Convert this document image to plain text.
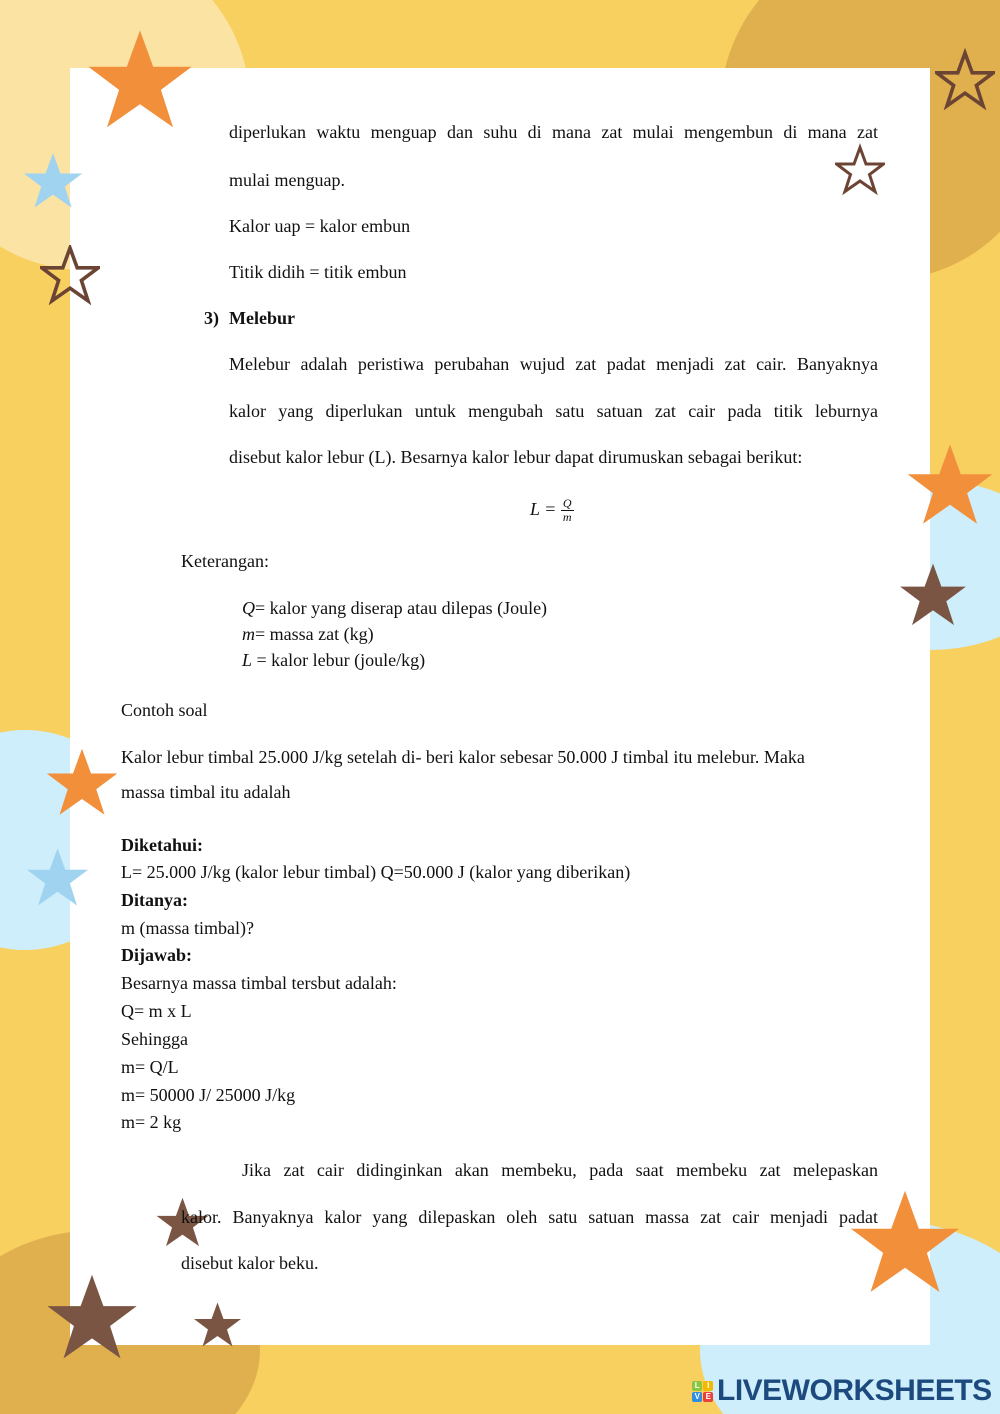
diperlukan waktu menguap dan suhu di mana zat mulai mengembun di mana zat
mulai menguap.
Kalor uap = kalor embun
Titik didih = titik embun
3) Melebur
Melebur adalah peristiwa perubahan wujud zat padat menjadi zat cair. Banyaknya
kalor yang diperlukan untuk mengubah satu satuan zat cair pada titik leburnya
disebut kalor lebur (L). Besarnya kalor lebur dapat dirumuskan sebagai berikut:
$L = \frac{Q}{m}$
Keterangan:
Q= kalor yang diserap atau dilepas (Joule)
m= massa zat (kg)
L = kalor lebur (joule/kg)
Contoh soal
Kalor lebur timbal 25.000 J/kg setelah di- beri kalor sebesar 50.000 J timbal itu melebur. Maka
massa timbal itu adalah
Diketahui:
L= 25.000 J/kg (kalor lebur timbal) Q=50.000 J (kalor yang diberikan)
Ditanya:
m (massa timbal)?
Dijawab:
Besarnya massa timbal tersbut adalah:
Q= m x L
Sehingga
m= Q/L
m= 50000 J/ 25000 J/kg
m= 2 kg
Jika zat cair didinginkan akan membeku, pada saat membeku zat melepaskan
kalor. Banyaknya kalor yang dilepaskan oleh satu satuan massa zat cair menjadi padat
disebut kalor beku.
L I
V E LIVEWORKSHEETS
